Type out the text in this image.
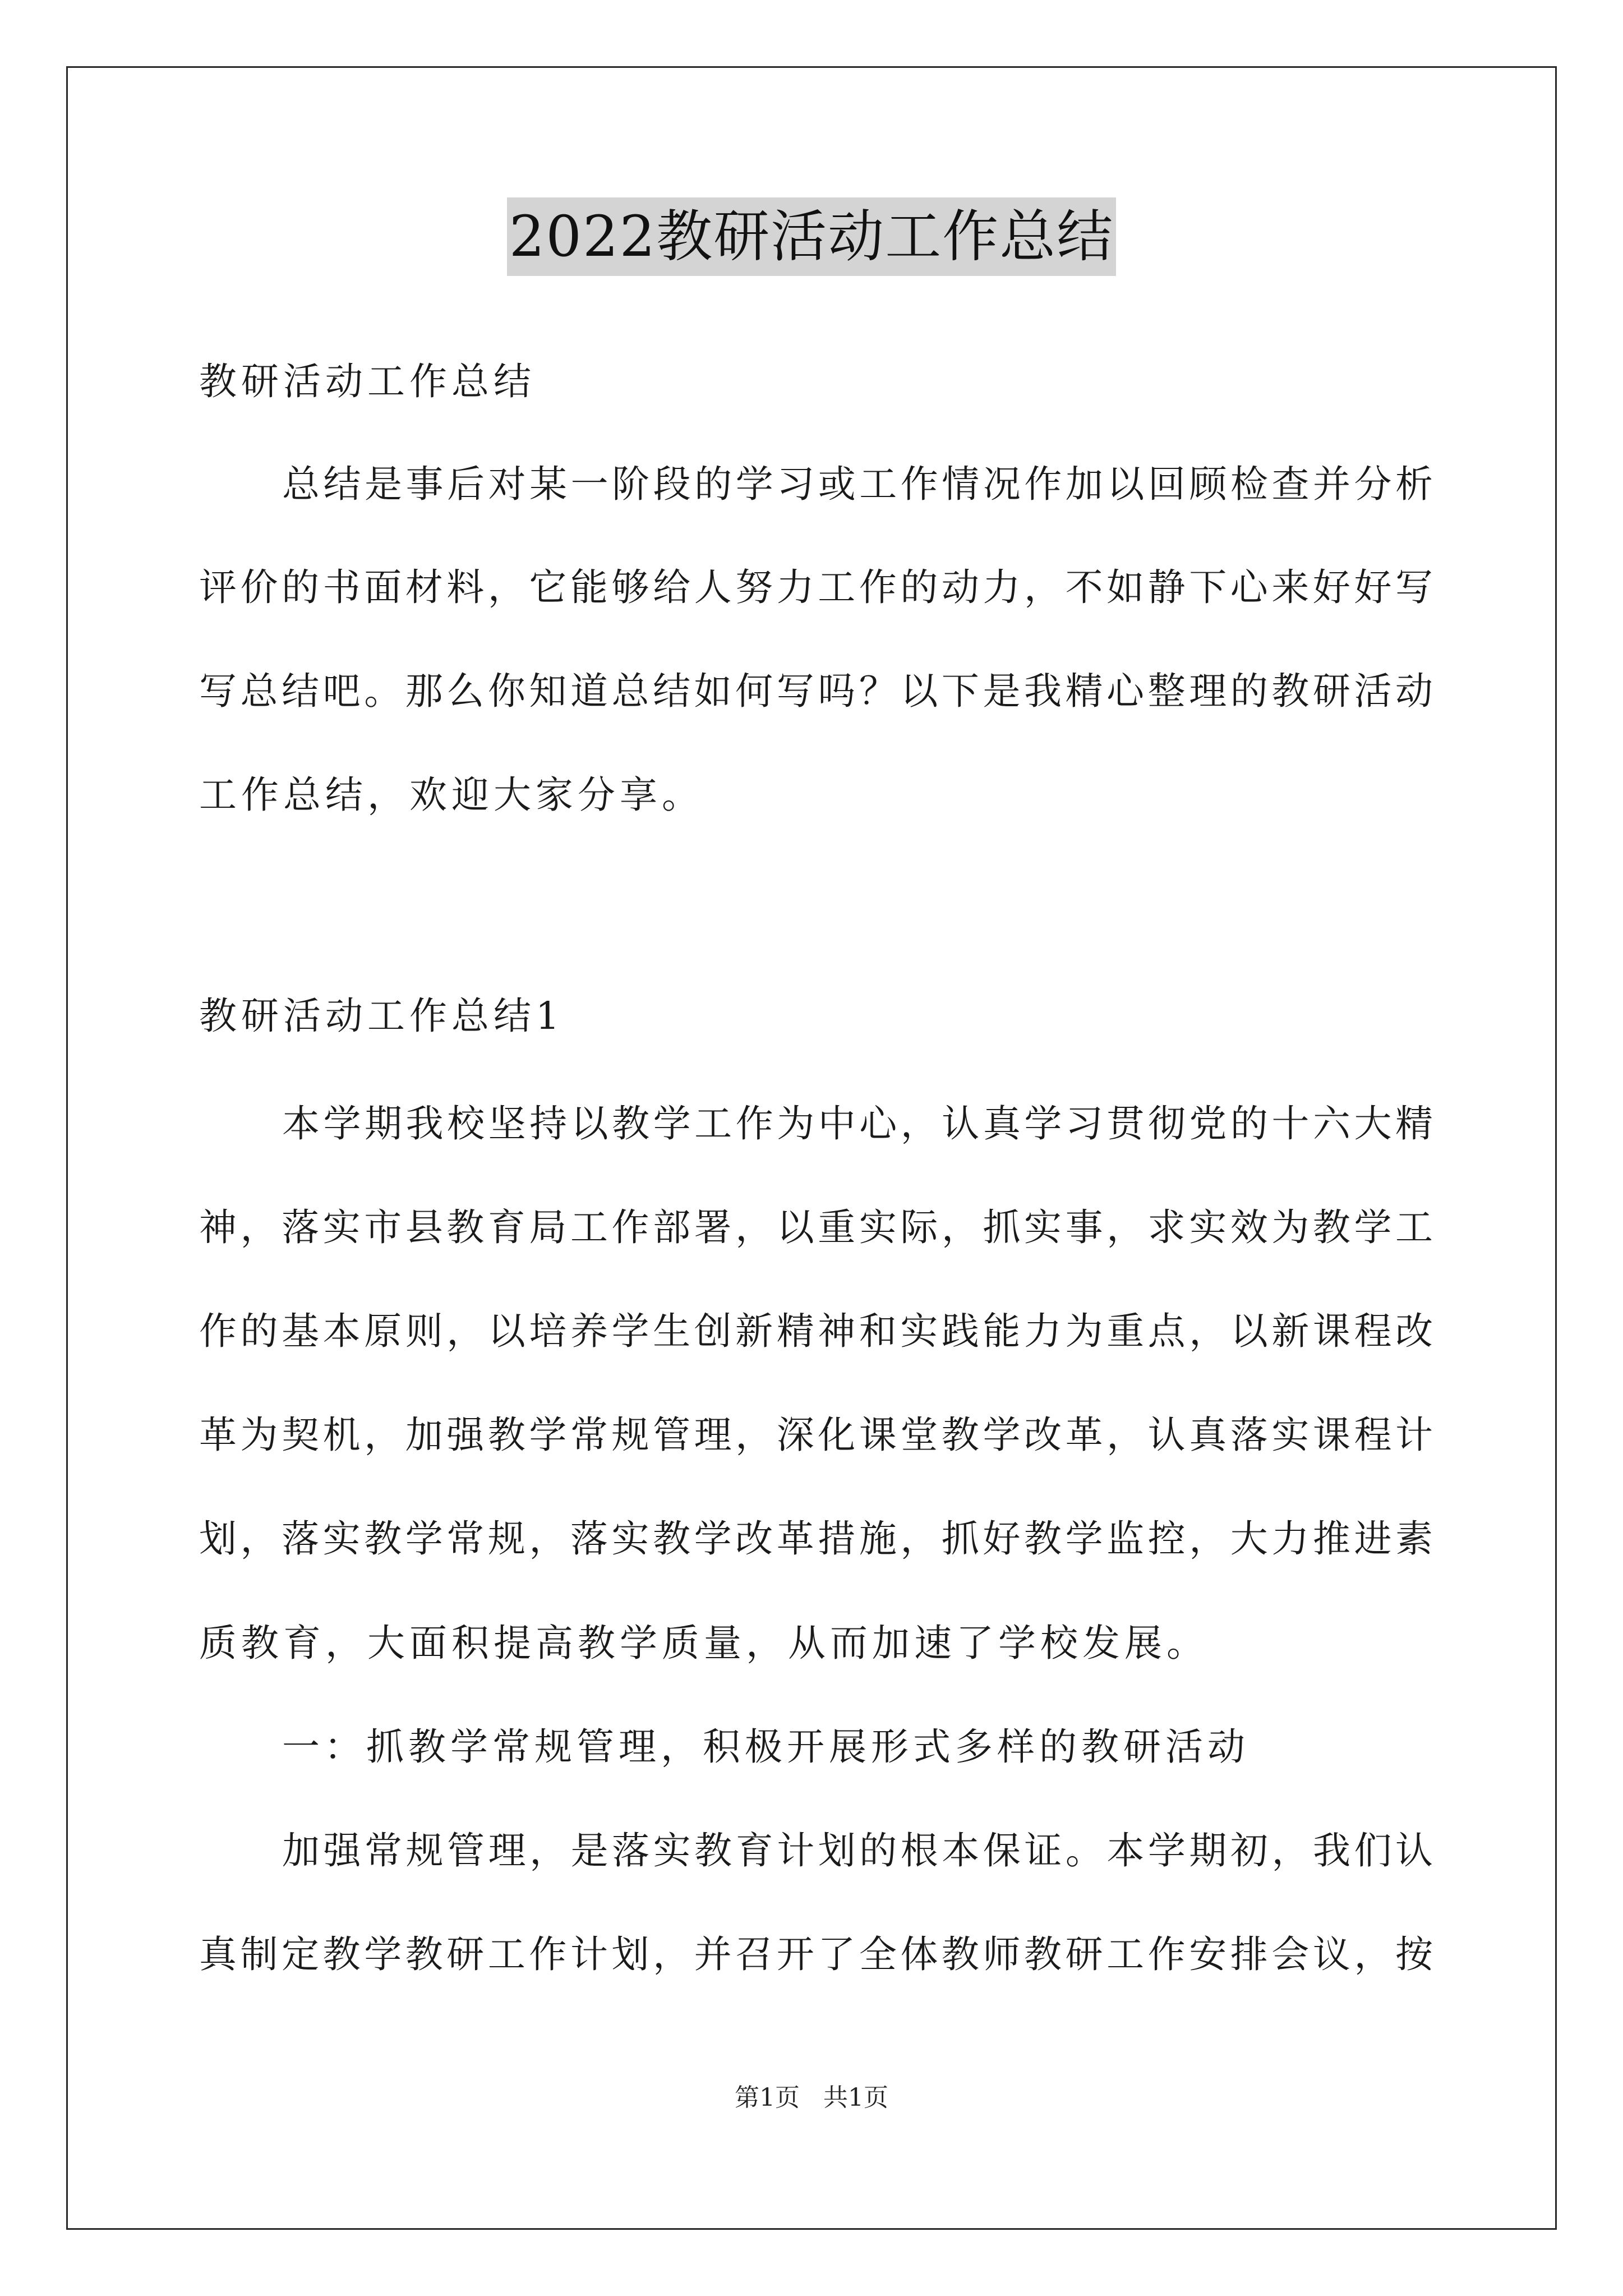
2022教研活动工作总结
教研活动工作总结
总结是事后对某一阶段的学习或工作情况作加以回顾检查并分析
评价的书面材料，它能够给人努力工作的动力，不如静下心来好好写
写总结吧。那么你知道总结如何写吗？以下是我精心整理的教研活动
工作总结，欢迎大家分享。
教研活动工作总结1
本学期我校坚持以教学工作为中心，认真学习贯彻党的十六大精
神，落实市县教育局工作部署，以重实际，抓实事，求实效为教学工
作的基本原则，以培养学生创新精神和实践能力为重点，以新课程改
革为契机，加强教学常规管理，深化课堂教学改革，认真落实课程计
划，落实教学常规，落实教学改革措施，抓好教学监控，大力推进素
质教育，大面积提高教学质量，从而加速了学校发展。
一：抓教学常规管理，积极开展形式多样的教研活动
加强常规管理，是落实教育计划的根本保证。本学期初，我们认
真制定教学教研工作计划，并召开了全体教师教研工作安排会议，按
第1页 共1页
